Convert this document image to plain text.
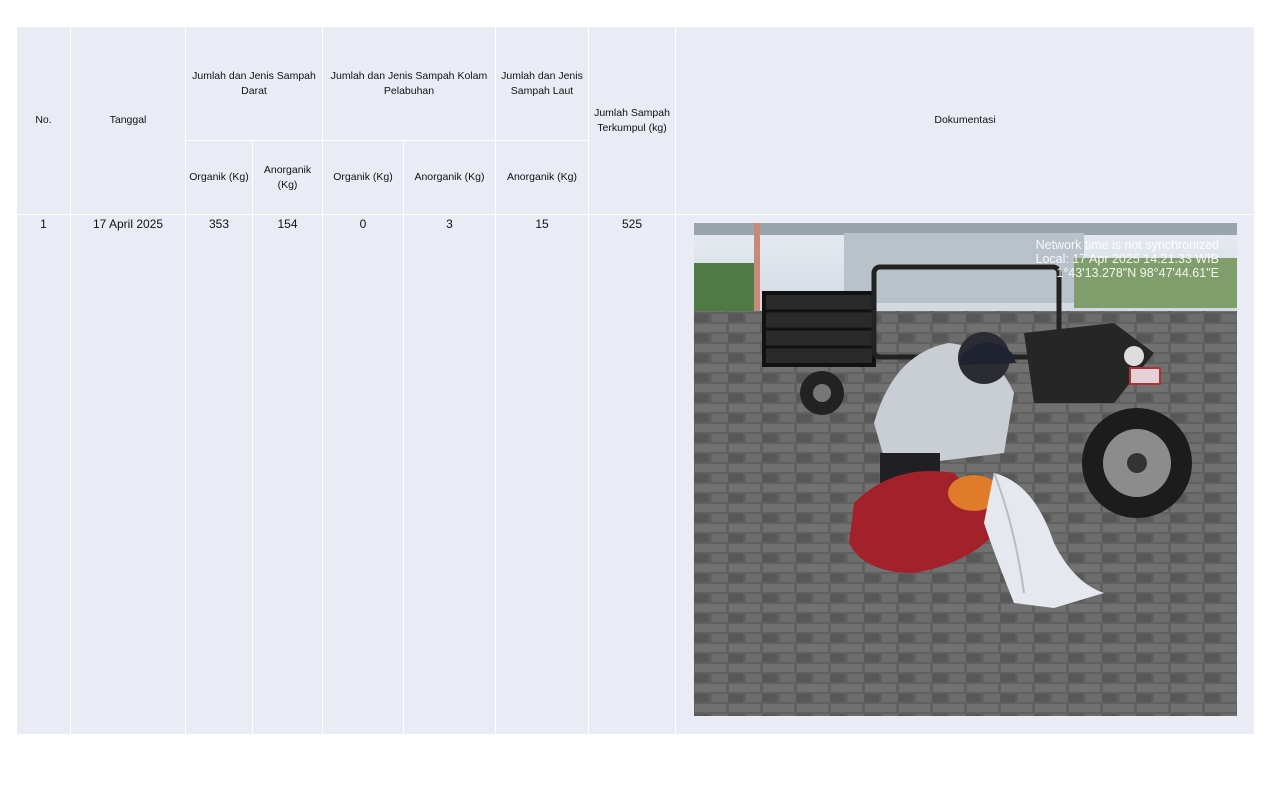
No.	Tanggal	Jumlah dan Jenis Sampah Darat		Jumlah dan Jenis Sampah Kolam Pelabuhan		Jumlah dan Jenis Sampah Laut	Jumlah Sampah Terkumpul (kg)	Dokumentasi
		Organik (Kg)	Anorganik (Kg)	Organik (Kg)	Anorganik (Kg)	Anorganik (Kg)		
1	17 April 2025	353	154	0	3	15	525	Network time is not synchronized
Local: 17 Apr 2025 14.21.33 WIB
1°43'13.278"N 98°47'44.61"E
